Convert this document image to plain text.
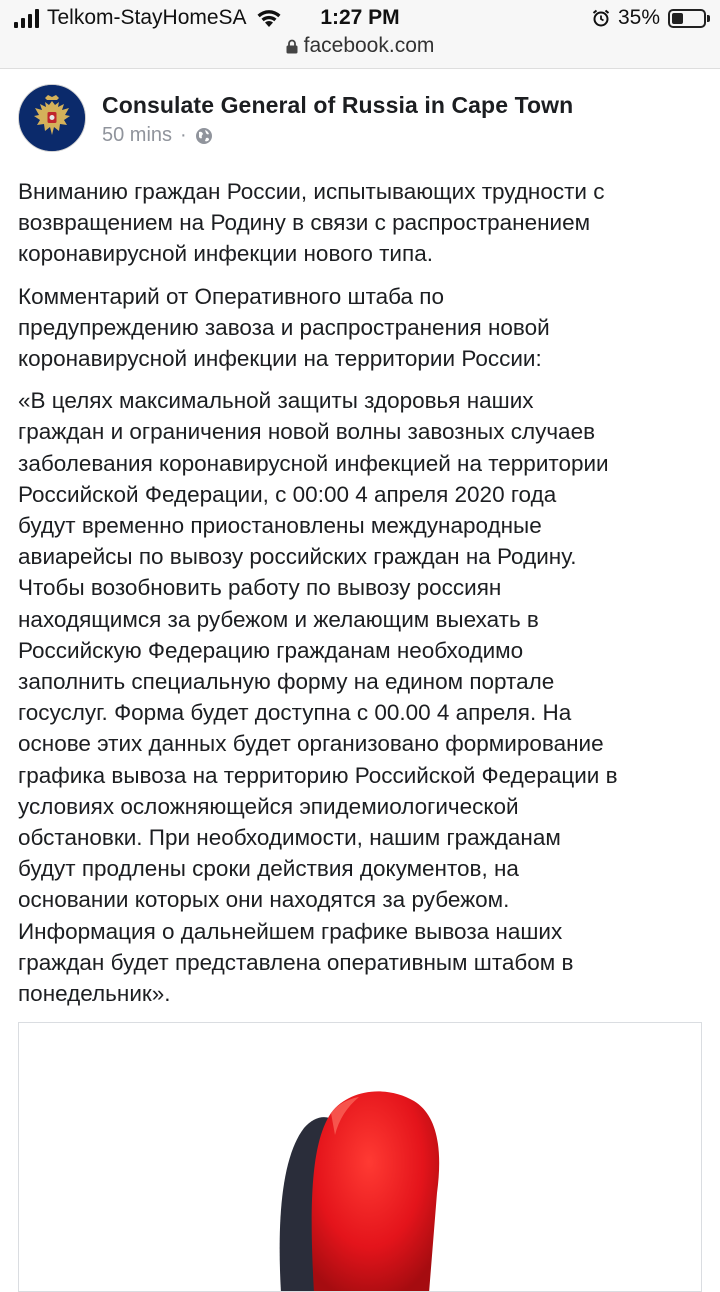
Telkom-StayHomeSA	1:27 PM	35%
facebook.com
Consulate General of Russia in Cape Town
50 mins ·

Вниманию граждан России, испытывающих трудности с
возвращением на Родину в связи с распространением
коронавирусной инфекции нового типа.

Комментарий от Оперативного штаба по
предупреждению завоза и распространения новой
коронавирусной инфекции на территории России:

«В целях максимальной защиты здоровья наших
граждан и ограничения новой волны завозных случаев
заболевания коронавирусной инфекцией на территории
Российской Федерации, с 00:00 4 апреля 2020 года
будут временно приостановлены международные
авиарейсы по вывозу российских граждан на Родину.
Чтобы возобновить работу по вывозу россиян
находящимся за рубежом и желающим выехать в
Российскую Федерацию гражданам необходимо
заполнить специальную форму на едином портале
госуслуг. Форма будет доступна с 00.00 4 апреля. На
основе этих данных будет организовано формирование
графика вывоза на территорию Российской Федерации в
условиях осложняющейся эпидемиологической
обстановки. При необходимости, нашим гражданам
будут продлены сроки действия документов, на
основании которых они находятся за рубежом.
Информация о дальнейшем графике вывоза наших
граждан будет представлена оперативным штабом в
понедельник».
